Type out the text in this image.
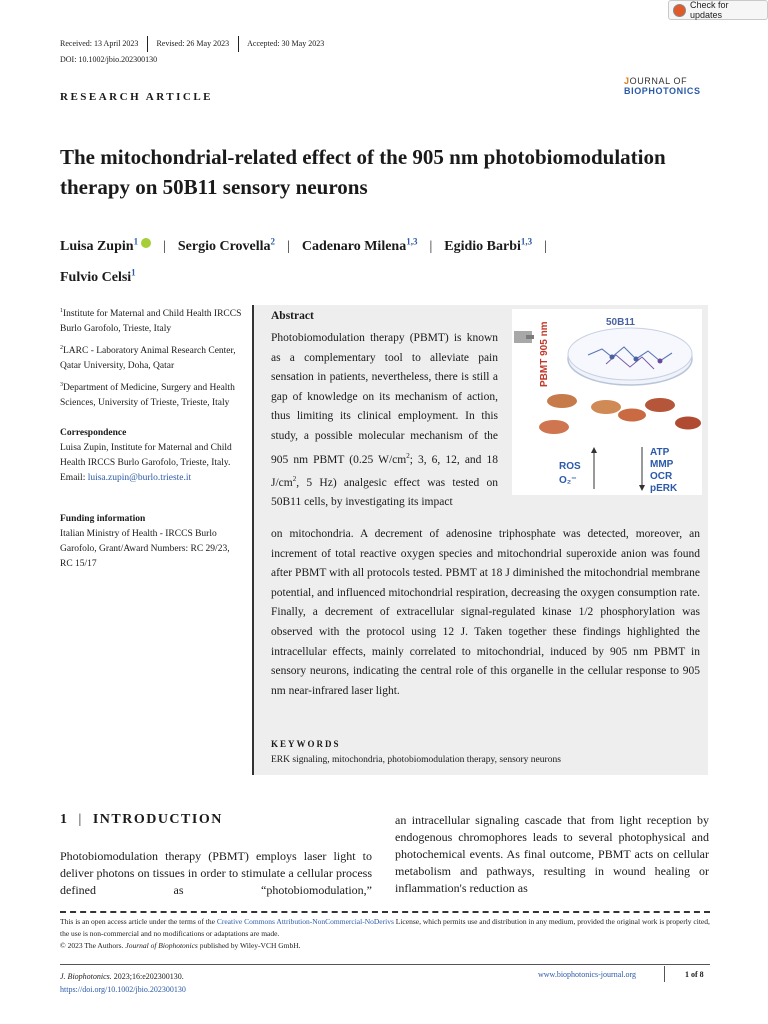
Check for updates
Received: 13 April 2023	Revised: 26 May 2023	Accepted: 30 May 2023
DOI: 10.1002/jbio.202300130
RESEARCH ARTICLE
JOURNAL OF
BIOPHOTONICS
The mitochondrial-related effect of the 905 nm photobiomodulation therapy on 50B11 sensory neurons
Luisa Zupin$^1$ | Sergio Crovella$^2$ | Cadenaro Milena$^{1,3}$ | Egidio Barbi$^{1,3}$ |
Fulvio Celsi$^1$

$^1$Institute for Maternal and Child Health IRCCS Burlo Garofolo, Trieste, Italy

$^2$LARC - Laboratory Animal Research Center, Qatar University, Doha, Qatar

$^3$Department of Medicine, Surgery and Health Sciences, University of Trieste, Trieste, Italy

Correspondence
Luisa Zupin, Institute for Maternal and Child Health IRCCS Burlo Garofolo, Trieste, Italy.
Email: luisa.zupin@burlo.trieste.it
Funding information
Italian Ministry of Health - IRCCS Burlo Garofolo, Grant/Award Numbers: RC 29/23, RC 15/17
Abstract
Photobiomodulation therapy (PBMT) is known as a complementary tool to alleviate pain sensation in patients, nevertheless, there is still a gap of knowledge on its mechanism of action, thus limiting its clinical employment. In this study, a possible molecular mechanism of the 905 nm PBMT (0.25 $W/cm^2$; 3, 6, 12, and 18 $J/cm^2$, 5 Hz) analgesic effect was tested on 50B11 cells, by investigating its impact
on mitochondria. A decrement of adenosine triphosphate was detected, moreover, an increment of total reactive oxygen species and mitochondrial superoxide anion was found after PBMT with all protocols tested. PBMT at 18 J diminished the mitochondrial membrane potential, and influenced mitochondrial respiration, decreasing the oxygen consumption rate. Finally, a decrement of extracellular signal-regulated kinase 1/2 phosphorylation was observed with the protocol using 12 J. Taken together these findings highlighted the intracellular effects, mainly correlated to mitochondrial, induced by 905 nm PBMT in sensory neurons, indicating the central role of this organelle in the cellular response to 905 nm near-infrared laser light.
PBMT 905 nm	50B11
ROS
O₂⁻
ATP
MMP
OCR
pERK
KEYWORDS
ERK signaling, mitochondria, photobiomodulation therapy, sensory neurons
1 | INTRODUCTION
Photobiomodulation therapy (PBMT) employs laser light to deliver photons on tissues in order to stimulate a cellular process defined as “photobiomodulation,”
an intracellular signaling cascade that from light reception by endogenous chromophores leads to several photophysical and photochemical events. As final outcome, PBMT acts on cellular metabolism and pathways, resulting in wound healing or inflammation's reduction as
This is an open access article under the terms of the Creative Commons Attribution-NonCommercial-NoDerivs License, which permits use and distribution in any medium, provided the original work is properly cited, the use is non-commercial and no modifications or adaptations are made.
© 2023 The Authors. Journal of Biophotonics published by Wiley-VCH GmbH.
J. Biophotonics. 2023;16:e202300130.
https://doi.org/10.1002/jbio.202300130
www.biophotonics-journal.org	1 of 8
